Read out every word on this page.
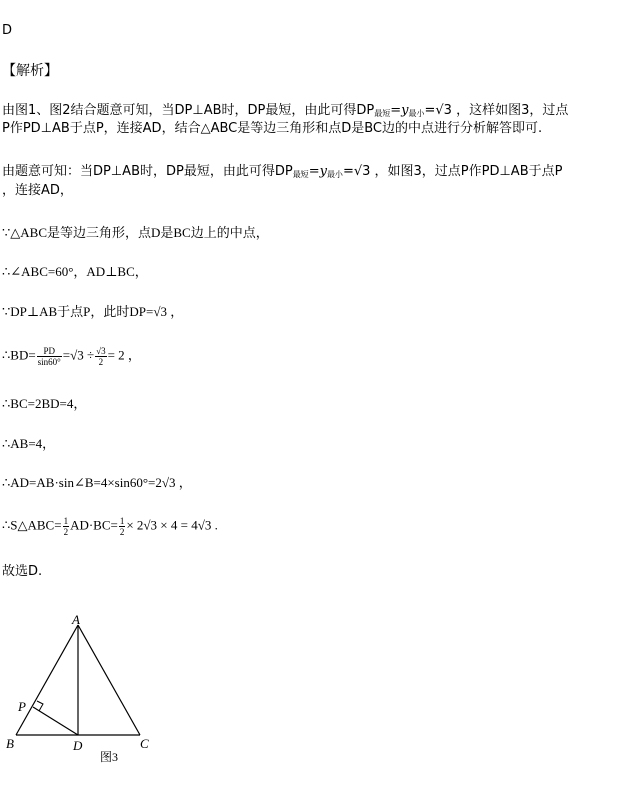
D
【解析】
由图1、图2结合题意可知，当DP⊥AB时，DP最短，由此可得$DP_{最短}=y_{最小}=√3$ ，这样如图3，过点
P作PD⊥AB于点P，连接AD，结合△ABC是等边三角形和点D是BC边的中点进行分析解答即可.
由题意可知：当DP⊥AB时，DP最短，由此可得$DP_{最短}=y_{最小}=√3$ ，如图3，过点P作PD⊥AB于点P
，连接AD，
∵△ABC是等边三角形，点D是BC边上的中点，
∴∠ABC=60°，AD⊥BC，
∵DP⊥AB于点P，此时DP=√3 ，
∴BD= $\frac{PD}{\sin 60^\circ} =√3 \div \frac{√3}{2} = 2$ ，
∴BC=2BD=4，
∴AB=4，
∴AD=AB·sin∠B=4×sin60°=2√3 ，
∴S△ABC= $\frac{1}{2} AD\cdot BC= \frac{1}{2} \times 2√3 \times 4 = 4√3$ .
故选D.
A
B	C
D
P
图3
